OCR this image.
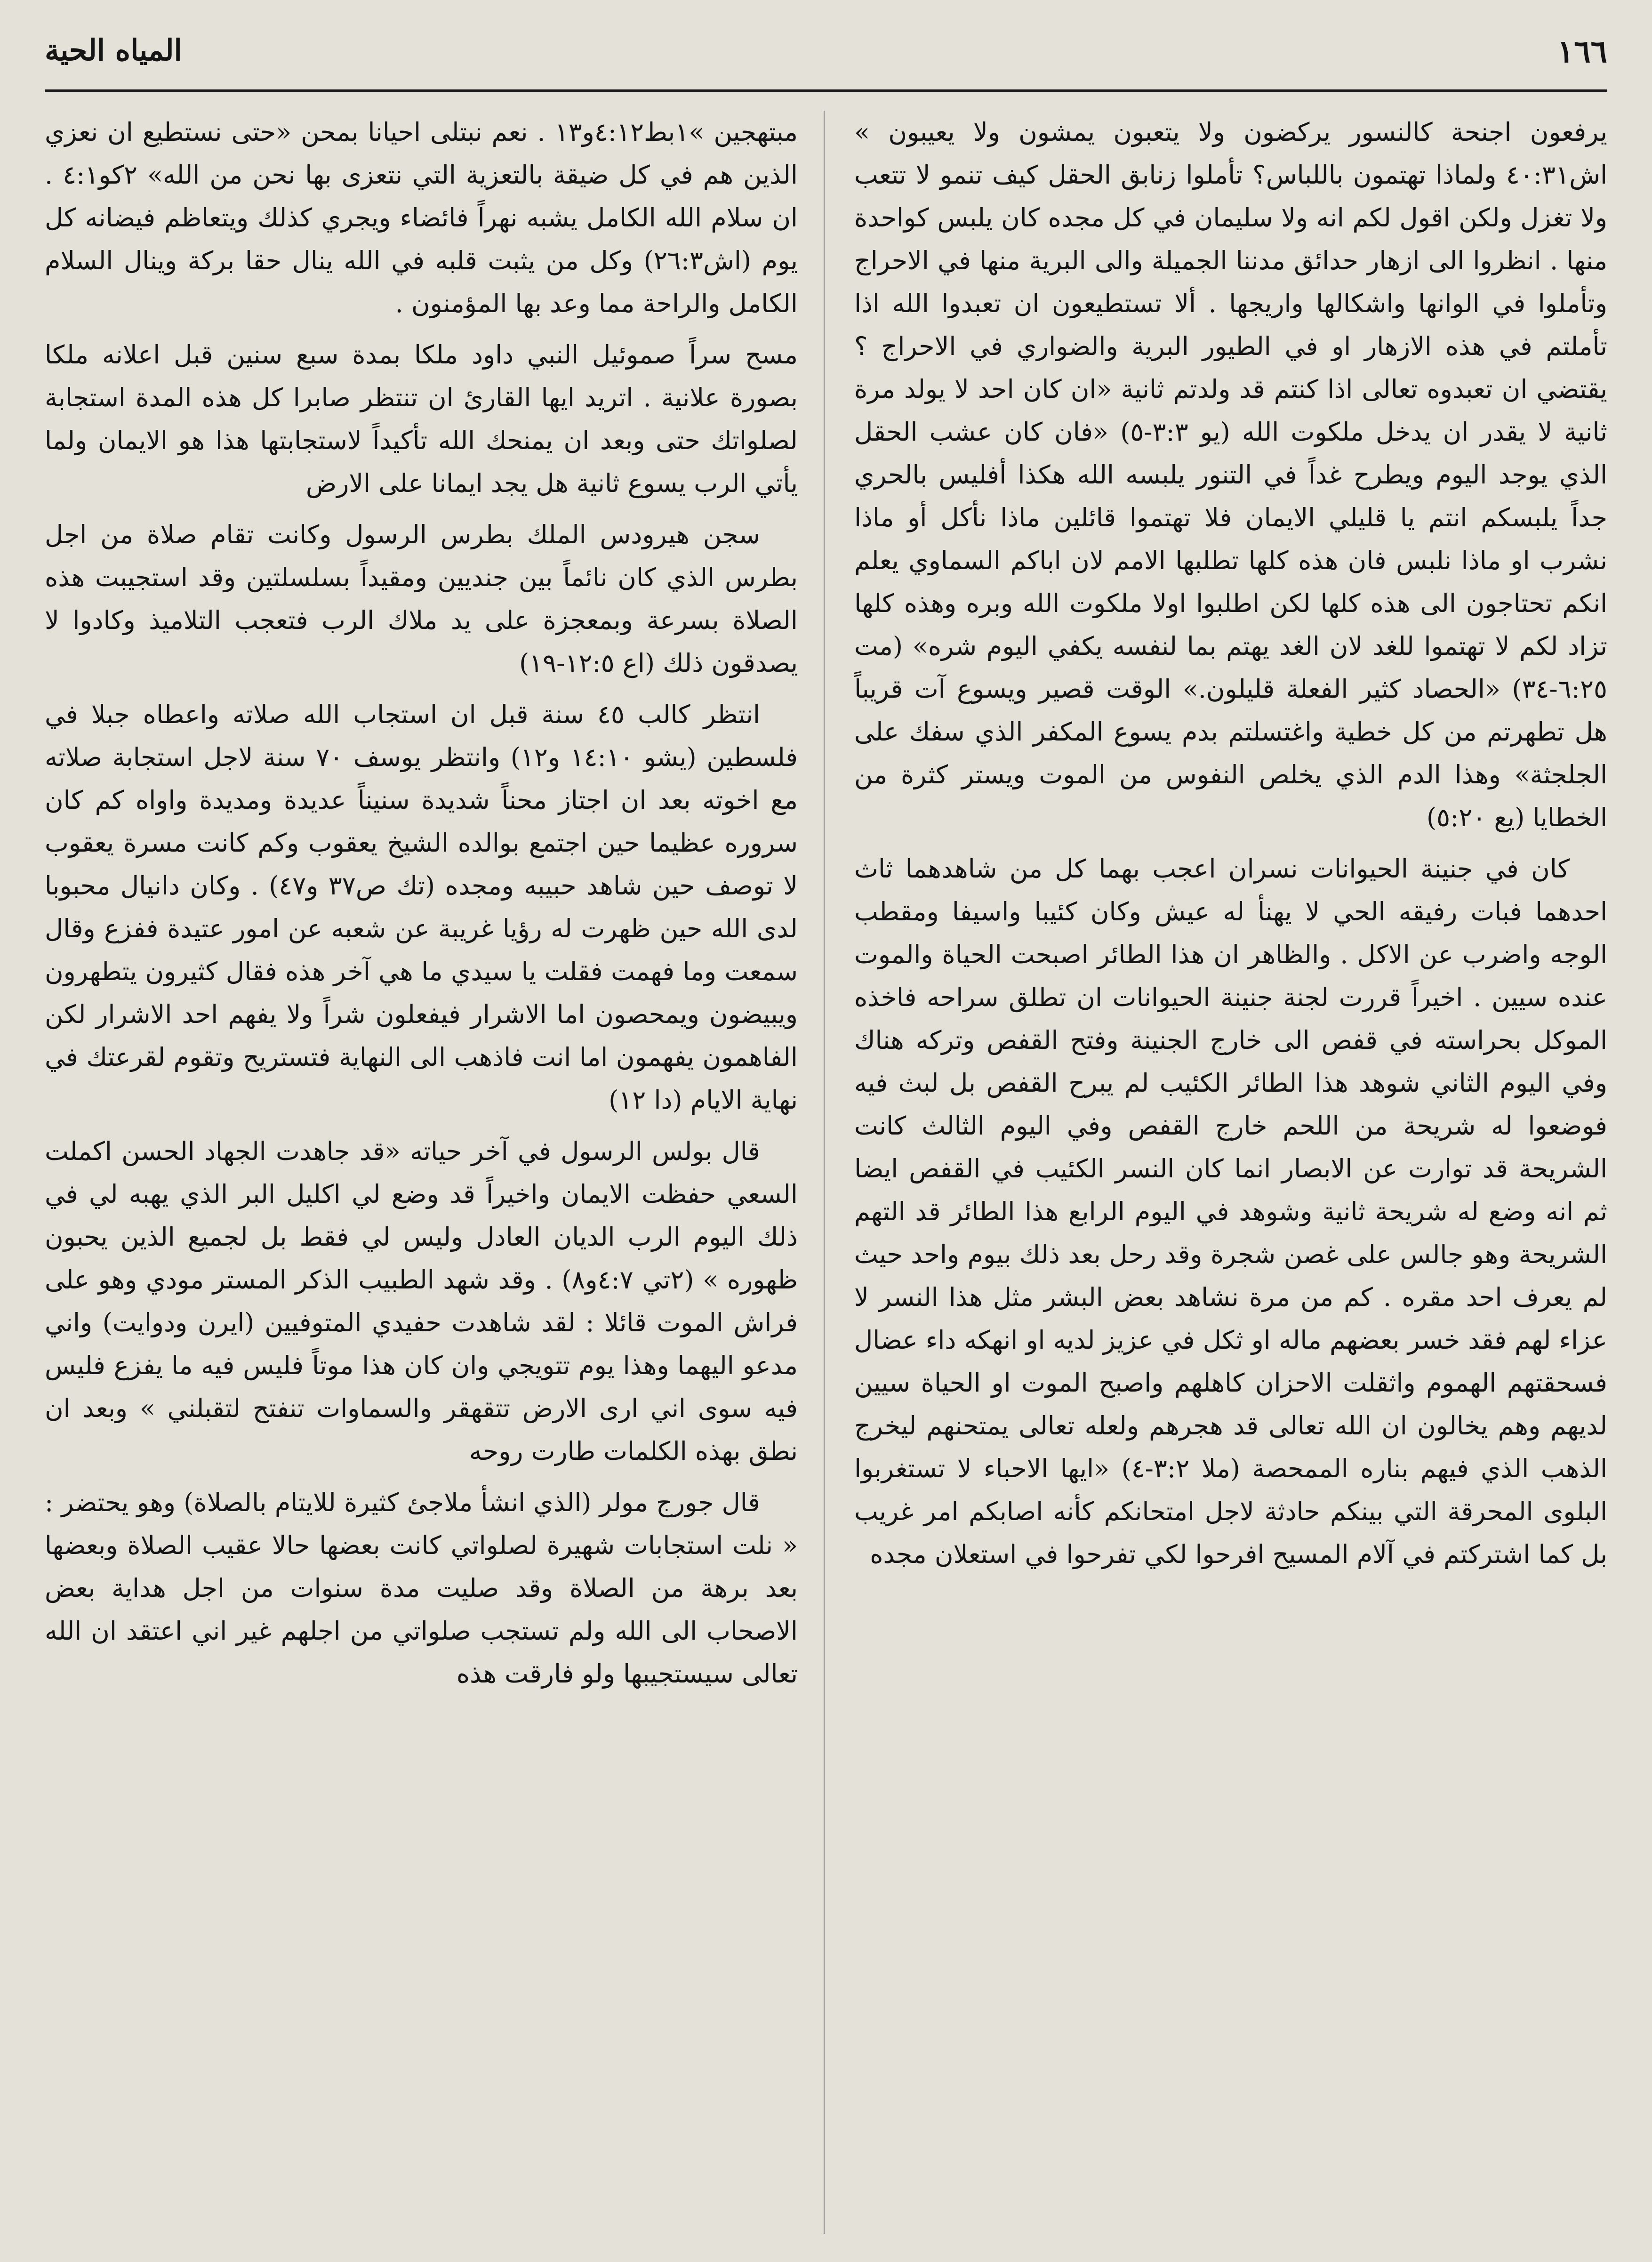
١٦٦
المياه الحية

يرفعون اجنحة كالنسور يركضون ولا يتعبون يمشون ولا يعيبون » اش٤٠:٣١ ولماذا تهتمون باللباس؟ تأملوا زنابق الحقل كيف تنمو لا تتعب ولا تغزل ولكن اقول لكم انه ولا سليمان في كل مجده كان يلبس كواحدة منها . انظروا الى ازهار حدائق مدننا الجميلة والى البرية منها في الاحراج وتأملوا في الوانها واشكالها واريجها . ألا تستطيعون ان تعبدوا الله اذا تأملتم في هذه الازهار او في الطيور البرية والضواري في الاحراج ؟ يقتضي ان تعبدوه تعالى اذا كنتم قد ولدتم ثانية «ان كان احد لا يولد مرة ثانية لا يقدر ان يدخل ملكوت الله (يو ٣:٣-٥) «فان كان عشب الحقل الذي يوجد اليوم ويطرح غداً في التنور يلبسه الله هكذا أفليس بالحري جداً يلبسكم انتم يا قليلي الايمان فلا تهتموا قائلين ماذا نأكل أو ماذا نشرب او ماذا نلبس فان هذه كلها تطلبها الامم لان اباكم السماوي يعلم انكم تحتاجون الى هذه كلها لكن اطلبوا اولا ملكوت الله وبره وهذه كلها تزاد لكم لا تهتموا للغد لان الغد يهتم بما لنفسه يكفي اليوم شره» (مت ٦:٢٥-٣٤) «الحصاد كثير الفعلة قليلون.» الوقت قصير ويسوع آت قريباً هل تطهرتم من كل خطية واغتسلتم بدم يسوع المكفر الذي سفك على الجلجثة» وهذا الدم الذي يخلص النفوس من الموت ويستر كثرة من الخطايا (يع ٥:٢٠)

كان في جنينة الحيوانات نسران اعجب بهما كل من شاهدهما ثاث احدهما فبات رفيقه الحي لا يهنأ له عيش وكان كئيبا واسيفا ومقطب الوجه واضرب عن الاكل . والظاهر ان هذا الطائر اصبحت الحياة والموت عنده سيين . اخيراً قررت لجنة جنينة الحيوانات ان تطلق سراحه فاخذه الموكل بحراسته في قفص الى خارج الجنينة وفتح القفص وتركه هناك وفي اليوم الثاني شوهد هذا الطائر الكئيب لم يبرح القفص بل لبث فيه فوضعوا له شريحة من اللحم خارج القفص وفي اليوم الثالث كانت الشريحة قد توارت عن الابصار انما كان النسر الكئيب في القفص ايضا ثم انه وضع له شريحة ثانية وشوهد في اليوم الرابع هذا الطائر قد التهم الشريحة وهو جالس على غصن شجرة وقد رحل بعد ذلك بيوم واحد حيث لم يعرف احد مقره . كم من مرة نشاهد بعض البشر مثل هذا النسر لا عزاء لهم فقد خسر بعضهم ماله او ثكل في عزيز لديه او انهكه داء عضال فسحقتهم الهموم واثقلت الاحزان كاهلهم واصبح الموت او الحياة سيين لديهم وهم يخالون ان الله تعالى قد هجرهم ولعله تعالى يمتحنهم ليخرج الذهب الذي فيهم بناره الممحصة (ملا ٣:٢-٤) «ايها الاحباء لا تستغربوا البلوى المحرقة التي بينكم حادثة لاجل امتحانكم كأنه اصابكم امر غريب بل كما اشتركتم في آلام المسيح افرحوا لكي تفرحوا في استعلان مجده

مبتهجين »١بط٤:١٢و١٣ . نعم نبتلى احيانا بمحن «حتى نستطيع ان نعزي الذين هم في كل ضيقة بالتعزية التي نتعزى بها نحن من الله» ٢كو٤:١ . ان سلام الله الكامل يشبه نهراً فائضاء ويجري كذلك ويتعاظم فيضانه كل يوم (اش٢٦:٣) وكل من يثبت قلبه في الله ينال حقا بركة وينال السلام الكامل والراحة مما وعد بها المؤمنون .

مسح سراً صموئيل النبي داود ملكا بمدة سبع سنين قبل اعلانه ملكا بصورة علانية . اتريد ايها القارئ ان تنتظر صابرا كل هذه المدة استجابة لصلواتك حتى وبعد ان يمنحك الله تأكيداً لاستجابتها هذا هو الايمان ولما يأتي الرب يسوع ثانية هل يجد ايمانا على الارض

سجن هيرودس الملك بطرس الرسول وكانت تقام صلاة من اجل بطرس الذي كان نائماً بين جنديين ومقيداً بسلسلتين وقد استجيبت هذه الصلاة بسرعة وبمعجزة على يد ملاك الرب فتعجب التلاميذ وكادوا لا يصدقون ذلك (اع ١٢:٥-١٩)

انتظر كالب ٤٥ سنة قبل ان استجاب الله صلاته واعطاه جبلا في فلسطين (يشو ١٤:١٠ و١٢) وانتظر يوسف ٧٠ سنة لاجل استجابة صلاته مع اخوته بعد ان اجتاز محناً شديدة سنيناً عديدة ومديدة واواه كم كان سروره عظيما حين اجتمع بوالده الشيخ يعقوب وكم كانت مسرة يعقوب لا توصف حين شاهد حبيبه ومجده (تك ص٣٧ و٤٧) . وكان دانيال محبوبا لدى الله حين ظهرت له رؤيا غريبة عن شعبه عن امور عتيدة ففزع وقال سمعت وما فهمت فقلت يا سيدي ما هي آخر هذه فقال كثيرون يتطهرون ويبيضون ويمحصون اما الاشرار فيفعلون شراً ولا يفهم احد الاشرار لكن الفاهمون يفهمون اما انت فاذهب الى النهاية فتستريح وتقوم لقرعتك في نهاية الايام (دا ١٢)

قال بولس الرسول في آخر حياته «قد جاهدت الجهاد الحسن اكملت السعي حفظت الايمان واخيراً قد وضع لي اكليل البر الذي يهبه لي في ذلك اليوم الرب الديان العادل وليس لي فقط بل لجميع الذين يحبون ظهوره » (٢تي ٤:٧و٨) . وقد شهد الطبيب الذكر المستر مودي وهو على فراش الموت قائلا : لقد شاهدت حفيدي المتوفيين (ايرن ودوايت) واني مدعو اليهما وهذا يوم تتويجي وان كان هذا موتاً فليس فيه ما يفزع فليس فيه سوى اني ارى الارض تتقهقر والسماوات تنفتح لتقبلني » وبعد ان نطق بهذه الكلمات طارت روحه

قال جورج مولر (الذي انشأ ملاجئ كثيرة للايتام بالصلاة) وهو يحتضر : « نلت استجابات شهيرة لصلواتي كانت بعضها حالا عقيب الصلاة وبعضها بعد برهة من الصلاة وقد صليت مدة سنوات من اجل هداية بعض الاصحاب الى الله ولم تستجب صلواتي من اجلهم غير اني اعتقد ان الله تعالى سيستجيبها ولو فارقت هذه
